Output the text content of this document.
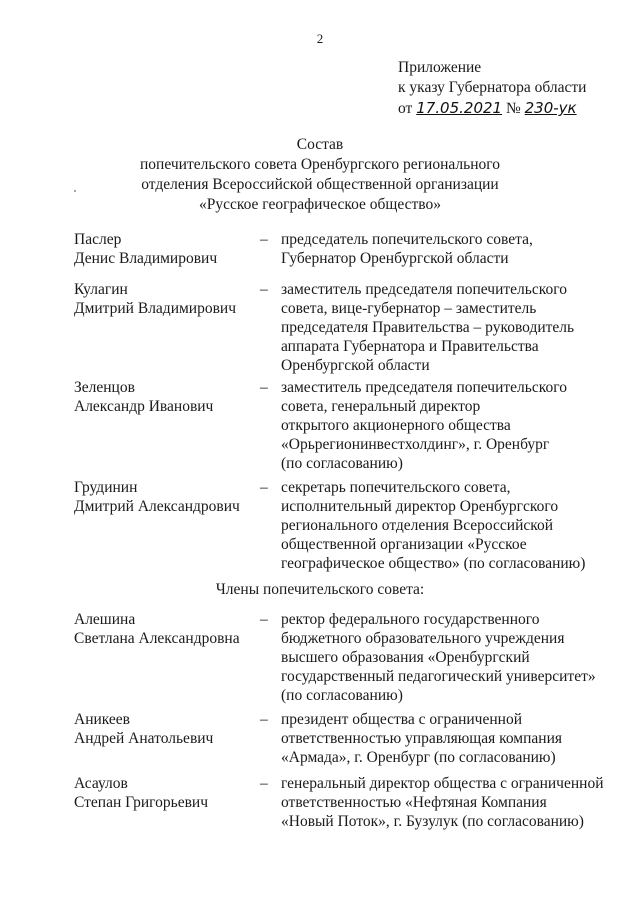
2
Приложение
к указу Губернатора области
от 17.05.2021 № 230-ук
Состав
попечительского совета Оренбургского регионального
отделения Всероссийской общественной организации
«Русское географическое общество»
Паслер
Денис Владимирович
– председатель попечительского совета,
Губернатор Оренбургской области
Кулагин
Дмитрий Владимирович
– заместитель председателя попечительского
совета, вице-губернатор – заместитель
председателя Правительства – руководитель
аппарата Губернатора и Правительства
Оренбургской области
Зеленцов
Александр Иванович
– заместитель председателя попечительского
совета, генеральный директор
открытого акционерного общества
«Орьрегионинвестхолдинг», г. Оренбург
(по согласованию)
Грудинин
Дмитрий Александрович
– секретарь попечительского совета,
исполнительный директор Оренбургского
регионального отделения Всероссийской
общественной организации «Русское
географическое общество» (по согласованию)
Члены попечительского совета:
Алешина
Светлана Александровна
– ректор федерального государственного
бюджетного образовательного учреждения
высшего образования «Оренбургский
государственный педагогический университет»
(по согласованию)
Аникеев
Андрей Анатольевич
– президент общества с ограниченной
ответственностью управляющая компания
«Армада», г. Оренбург (по согласованию)
Асаулов
Степан Григорьевич
– генеральный директор общества с ограниченной
ответственностью «Нефтяная Компания
«Новый Поток», г. Бузулук (по согласованию)
